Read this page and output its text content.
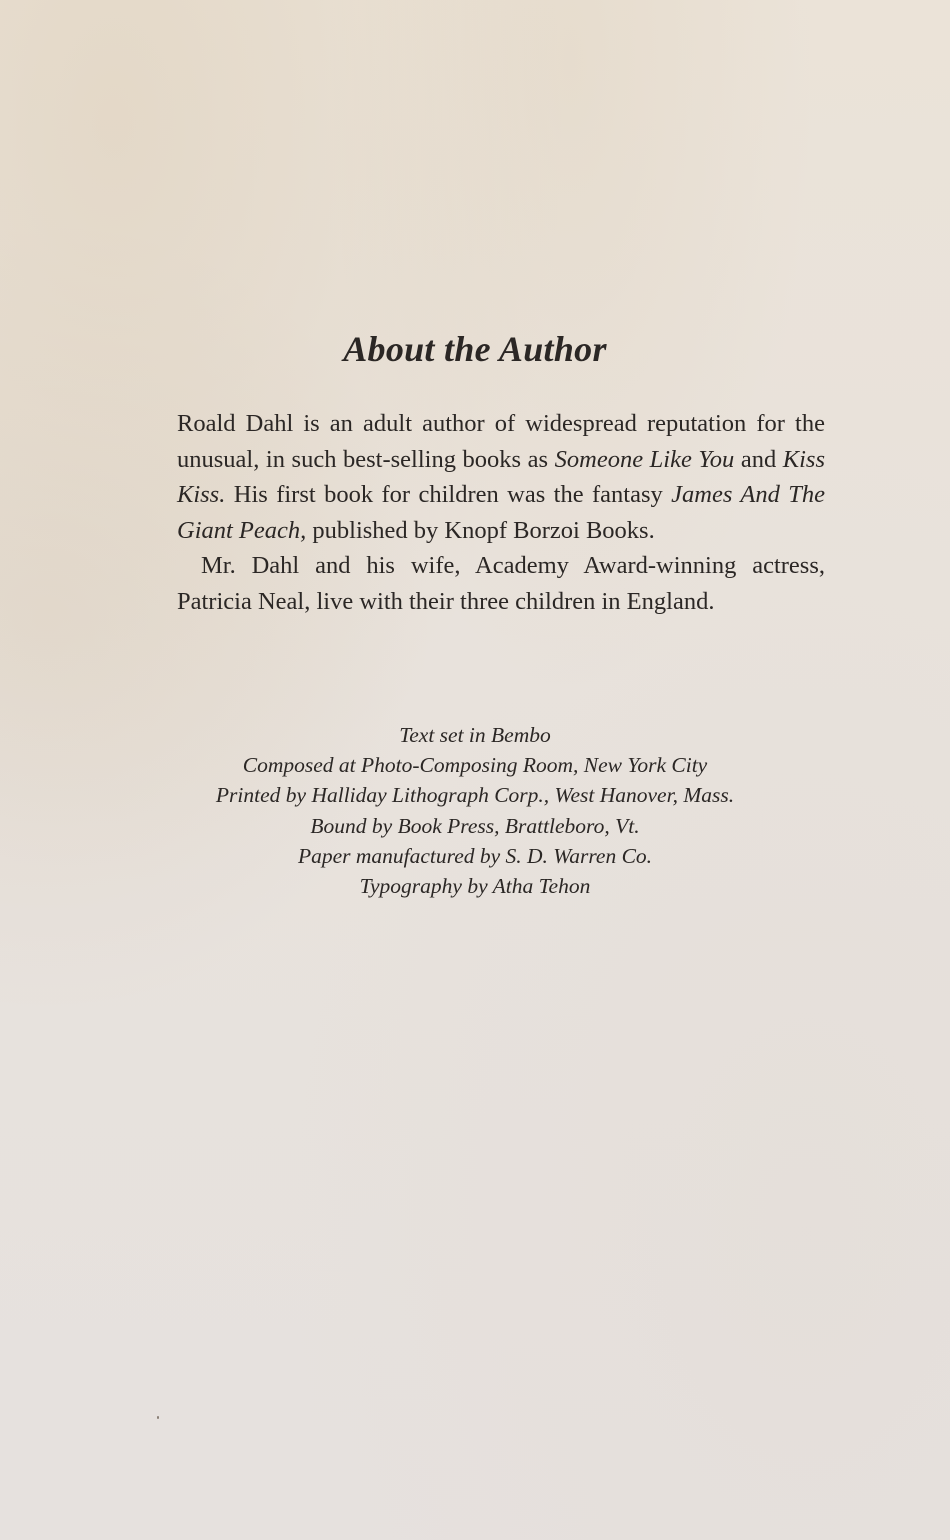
About the Author

Roald Dahl is an adult author of widespread reputation for the unusual, in such best-selling books as Someone Like You and Kiss Kiss. His first book for children was the fantasy James And The Giant Peach, published by Knopf Borzoi Books.

Mr. Dahl and his wife, Academy Award-winning actress, Patricia Neal, live with their three children in England.

Text set in Bembo
Composed at Photo-Composing Room, New York City
Printed by Halliday Lithograph Corp., West Hanover, Mass.
Bound by Book Press, Brattleboro, Vt.
Paper manufactured by S. D. Warren Co.
Typography by Atha Tehon
